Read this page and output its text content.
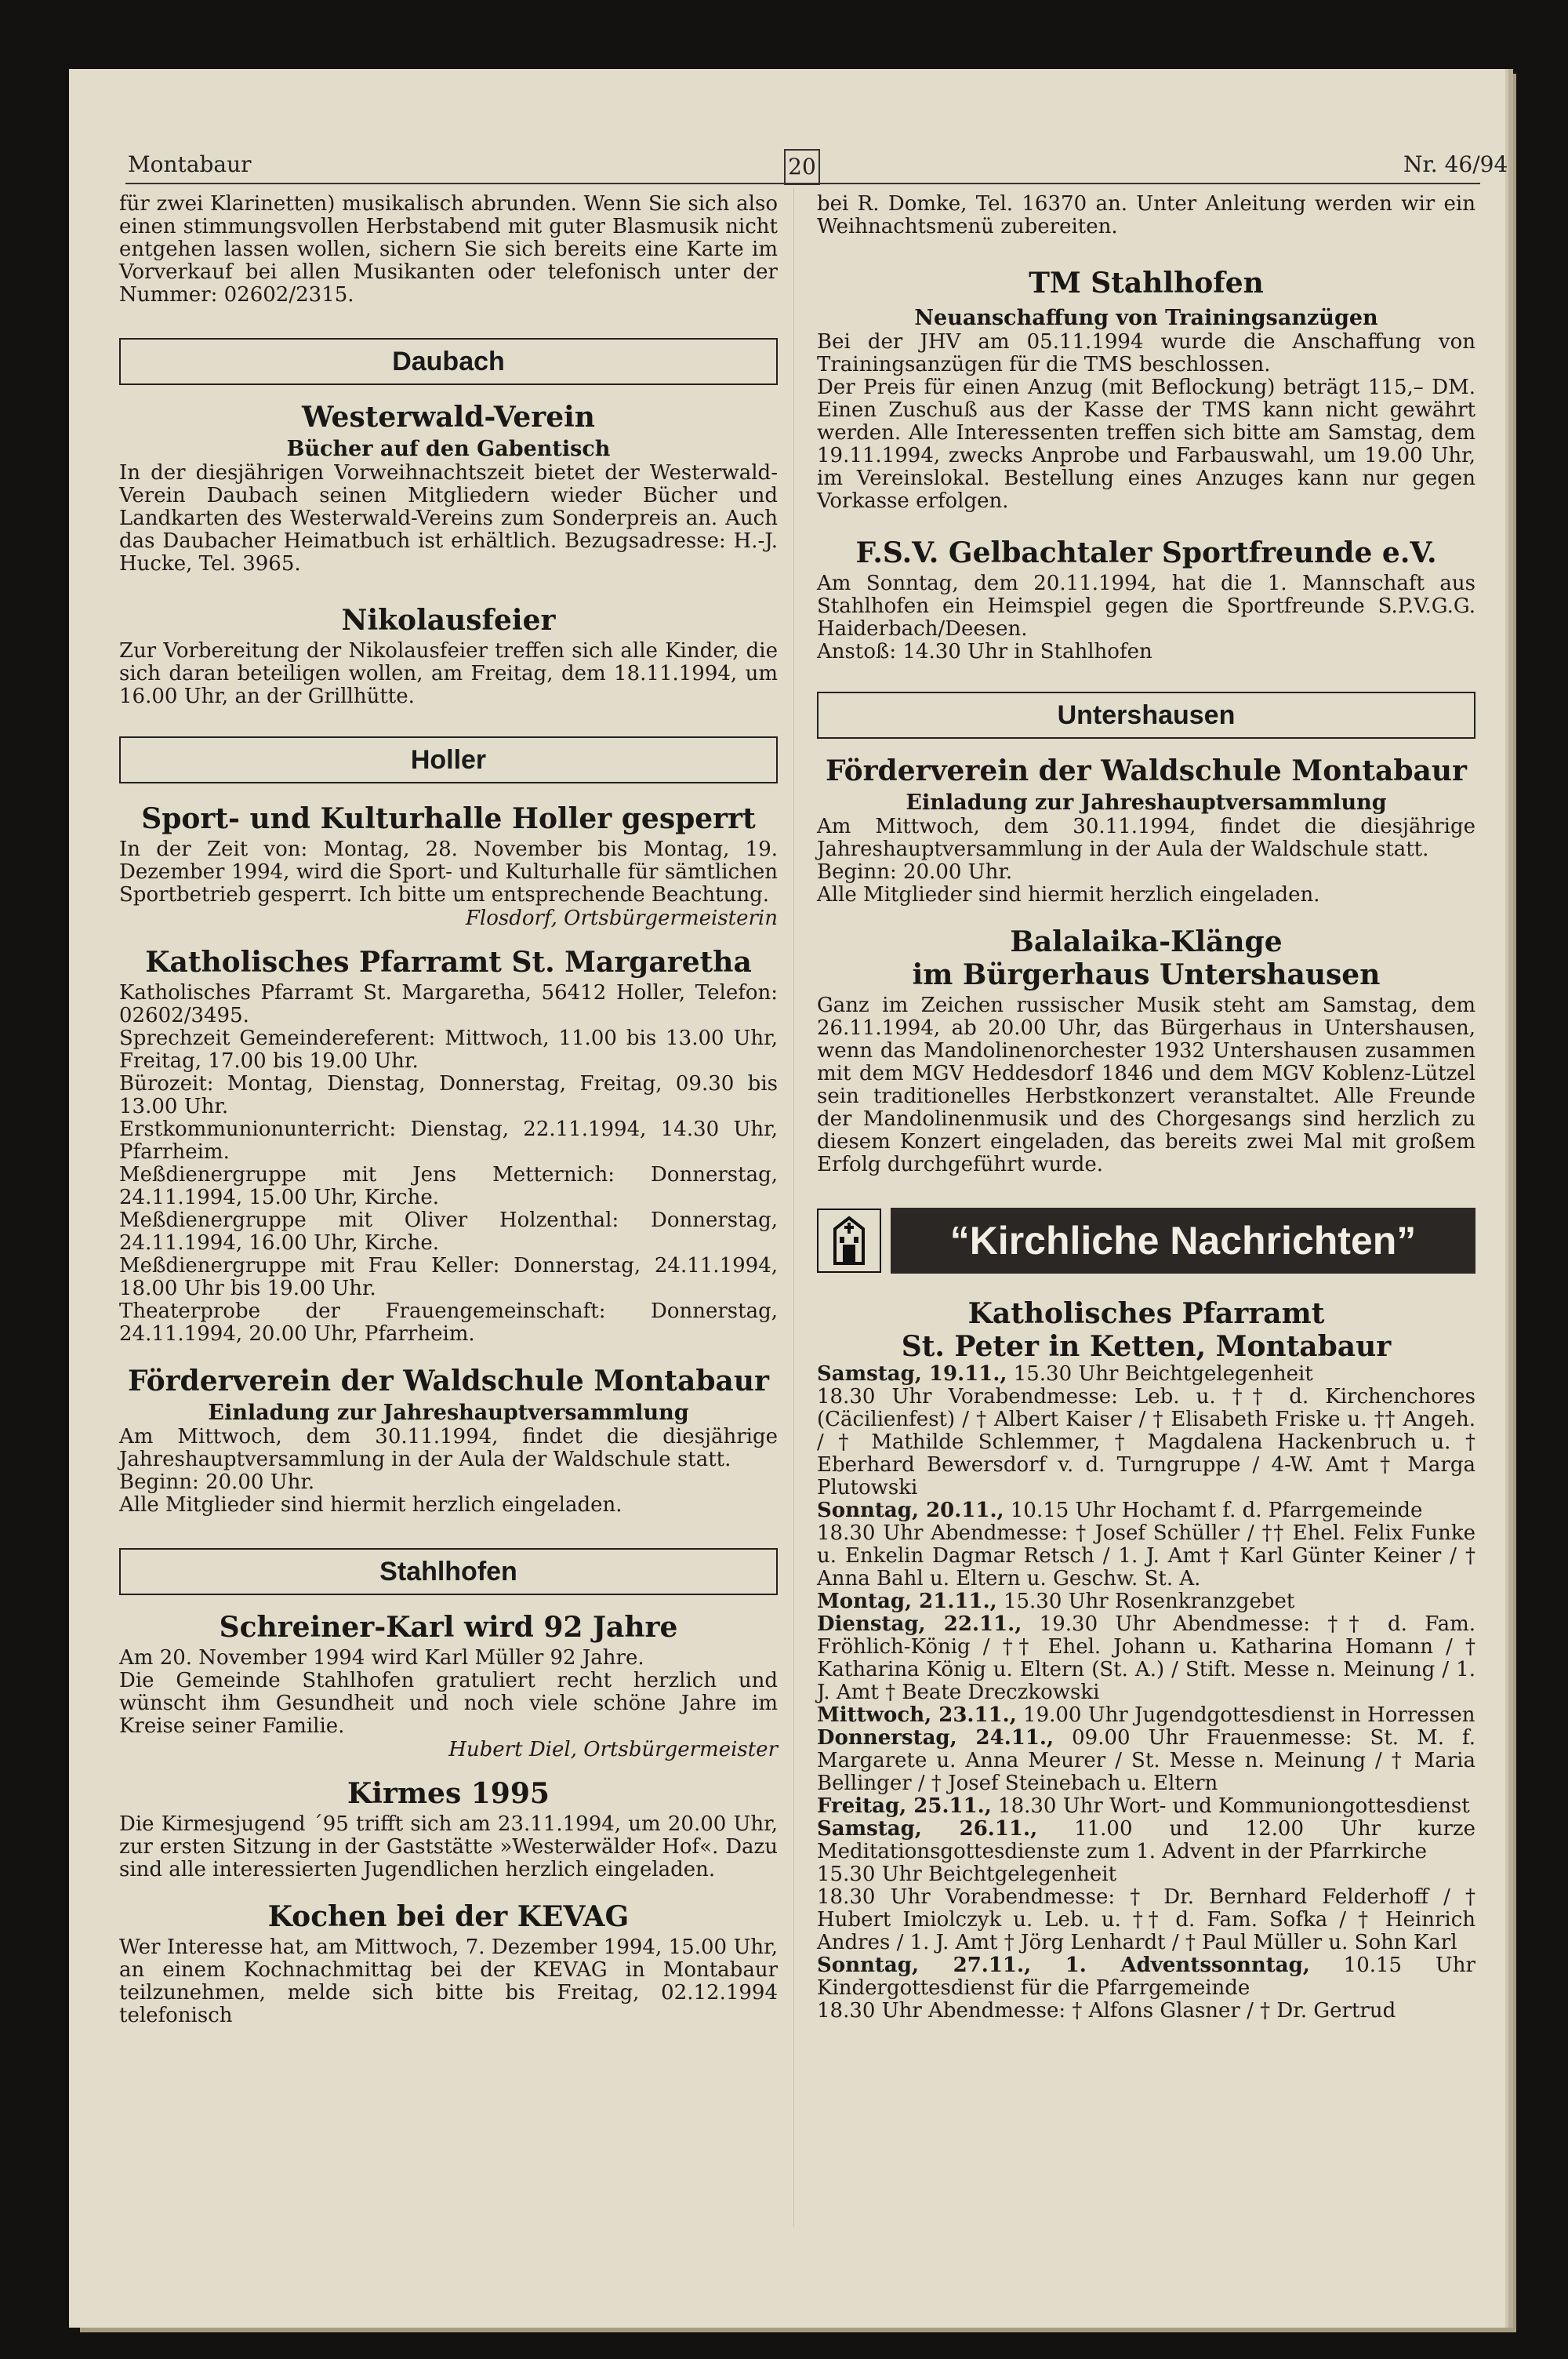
Montabaur	20	Nr. 46/94

für zwei Klarinetten) musikalisch abrunden. Wenn Sie sich also einen stimmungsvollen Herbstabend mit guter Blasmusik nicht entgehen lassen wollen, sichern Sie sich bereits eine Karte im Vorverkauf bei allen Musikanten oder telefonisch unter der Nummer: 02602/2315.

Daubach
Westerwald-Verein
Bücher auf den Gabentisch

In der diesjährigen Vorweihnachtszeit bietet der Westerwald-Verein Daubach seinen Mitgliedern wieder Bücher und Landkarten des Westerwald-Vereins zum Sonderpreis an. Auch das Daubacher Heimatbuch ist erhältlich. Bezugsadresse: H.-J. Hucke, Tel. 3965.

Nikolausfeier

Zur Vorbereitung der Nikolausfeier treffen sich alle Kinder, die sich daran beteiligen wollen, am Freitag, dem 18.11.1994, um 16.00 Uhr, an der Grillhütte.

Holler
Sport- und Kulturhalle Holler gesperrt

In der Zeit von: Montag, 28. November bis Montag, 19. Dezember 1994, wird die Sport- und Kulturhalle für sämtlichen Sportbetrieb gesperrt. Ich bitte um entsprechende Beachtung.

Flosdorf, Ortsbürgermeisterin

Katholisches Pfarramt St. Margaretha

Katholisches Pfarramt St. Margaretha, 56412 Holler, Telefon: 02602/3495.

Sprechzeit Gemeindereferent: Mittwoch, 11.00 bis 13.00 Uhr, Freitag, 17.00 bis 19.00 Uhr.

Bürozeit: Montag, Dienstag, Donnerstag, Freitag, 09.30 bis 13.00 Uhr.

Erstkommunionunterricht: Dienstag, 22.11.1994, 14.30 Uhr, Pfarrheim.

Meßdienergruppe mit Jens Metternich: Donnerstag, 24.11.1994, 15.00 Uhr, Kirche.

Meßdienergruppe mit Oliver Holzenthal: Donnerstag, 24.11.1994, 16.00 Uhr, Kirche.

Meßdienergruppe mit Frau Keller: Donnerstag, 24.11.1994, 18.00 Uhr bis 19.00 Uhr.

Theaterprobe der Frauengemeinschaft: Donnerstag, 24.11.1994, 20.00 Uhr, Pfarrheim.

Förderverein der Waldschule Montabaur
Einladung zur Jahreshauptversammlung

Am Mittwoch, dem 30.11.1994, findet die diesjährige Jahreshauptversammlung in der Aula der Waldschule statt.

Beginn: 20.00 Uhr.

Alle Mitglieder sind hiermit herzlich eingeladen.

Stahlhofen
Schreiner-Karl wird 92 Jahre

Am 20. November 1994 wird Karl Müller 92 Jahre.

Die Gemeinde Stahlhofen gratuliert recht herzlich und wünscht ihm Gesundheit und noch viele schöne Jahre im Kreise seiner Familie.

Hubert Diel, Ortsbürgermeister

Kirmes 1995

Die Kirmesjugend ´95 trifft sich am 23.11.1994, um 20.00 Uhr, zur ersten Sitzung in der Gaststätte »Westerwälder Hof«. Dazu sind alle interessierten Jugendlichen herzlich eingeladen.

Kochen bei der KEVAG

Wer Interesse hat, am Mittwoch, 7. Dezember 1994, 15.00 Uhr, an einem Kochnachmittag bei der KEVAG in Montabaur teilzunehmen, melde sich bitte bis Freitag, 02.12.1994 telefonisch

bei R. Domke, Tel. 16370 an. Unter Anleitung werden wir ein Weihnachtsmenü zubereiten.

TM Stahlhofen
Neuanschaffung von Trainingsanzügen

Bei der JHV am 05.11.1994 wurde die Anschaffung von Trainingsanzügen für die TMS beschlossen.

Der Preis für einen Anzug (mit Beflockung) beträgt 115,– DM. Einen Zuschuß aus der Kasse der TMS kann nicht gewährt werden. Alle Interessenten treffen sich bitte am Samstag, dem 19.11.1994, zwecks Anprobe und Farbauswahl, um 19.00 Uhr, im Vereinslokal. Bestellung eines Anzuges kann nur gegen Vorkasse erfolgen.

F.S.V. Gelbachtaler Sportfreunde e.V.

Am Sonntag, dem 20.11.1994, hat die 1. Mannschaft aus Stahlhofen ein Heimspiel gegen die Sportfreunde S.P.V.G.G. Haiderbach/Deesen.

Anstoß: 14.30 Uhr in Stahlhofen

Untershausen
Förderverein der Waldschule Montabaur
Einladung zur Jahreshauptversammlung

Am Mittwoch, dem 30.11.1994, findet die diesjährige Jahreshauptversammlung in der Aula der Waldschule statt.

Beginn: 20.00 Uhr.

Alle Mitglieder sind hiermit herzlich eingeladen.

Balalaika-Klänge
im Bürgerhaus Untershausen

Ganz im Zeichen russischer Musik steht am Samstag, dem 26.11.1994, ab 20.00 Uhr, das Bürgerhaus in Untershausen, wenn das Mandolinenorchester 1932 Untershausen zusammen mit dem MGV Heddesdorf 1846 und dem MGV Koblenz-Lützel sein traditionelles Herbstkonzert veranstaltet. Alle Freunde der Mandolinenmusik und des Chorgesangs sind herzlich zu diesem Konzert eingeladen, das bereits zwei Mal mit großem Erfolg durchgeführt wurde.

“Kirchliche Nachrichten”
Katholisches Pfarramt
St. Peter in Ketten, Montabaur

Samstag, 19.11., 15.30 Uhr Beichtgelegenheit

18.30 Uhr Vorabendmesse: Leb. u. †† d. Kirchenchores (Cäcilienfest) / † Albert Kaiser / † Elisabeth Friske u. †† Angeh. / † Mathilde Schlemmer, † Magdalena Hackenbruch u. † Eberhard Bewersdorf v. d. Turngruppe / 4-W. Amt † Marga Plutowski

Sonntag, 20.11., 10.15 Uhr Hochamt f. d. Pfarrgemeinde

18.30 Uhr Abendmesse: † Josef Schüller / †† Ehel. Felix Funke u. Enkelin Dagmar Retsch / 1. J. Amt † Karl Günter Keiner / † Anna Bahl u. Eltern u. Geschw. St. A.

Montag, 21.11., 15.30 Uhr Rosenkranzgebet

Dienstag, 22.11., 19.30 Uhr Abendmesse: †† d. Fam. Fröhlich-König / †† Ehel. Johann u. Katharina Homann / † Katharina König u. Eltern (St. A.) / Stift. Messe n. Meinung / 1. J. Amt † Beate Dreczkowski

Mittwoch, 23.11., 19.00 Uhr Jugendgottesdienst in Horressen

Donnerstag, 24.11., 09.00 Uhr Frauenmesse: St. M. f. Margarete u. Anna Meurer / St. Messe n. Meinung / † Maria Bellinger / † Josef Steinebach u. Eltern

Freitag, 25.11., 18.30 Uhr Wort- und Kommuniongottesdienst

Samstag, 26.11., 11.00 und 12.00 Uhr kurze Meditationsgottesdienste zum 1. Advent in der Pfarrkirche

15.30 Uhr Beichtgelegenheit

18.30 Uhr Vorabendmesse: † Dr. Bernhard Felderhoff / † Hubert Imiolczyk u. Leb. u. †† d. Fam. Sofka / † Heinrich Andres / 1. J. Amt † Jörg Lenhardt / † Paul Müller u. Sohn Karl

Sonntag, 27.11., 1. Adventssonntag, 10.15 Uhr Kindergottesdienst für die Pfarrgemeinde

18.30 Uhr Abendmesse: † Alfons Glasner / † Dr. Gertrud
